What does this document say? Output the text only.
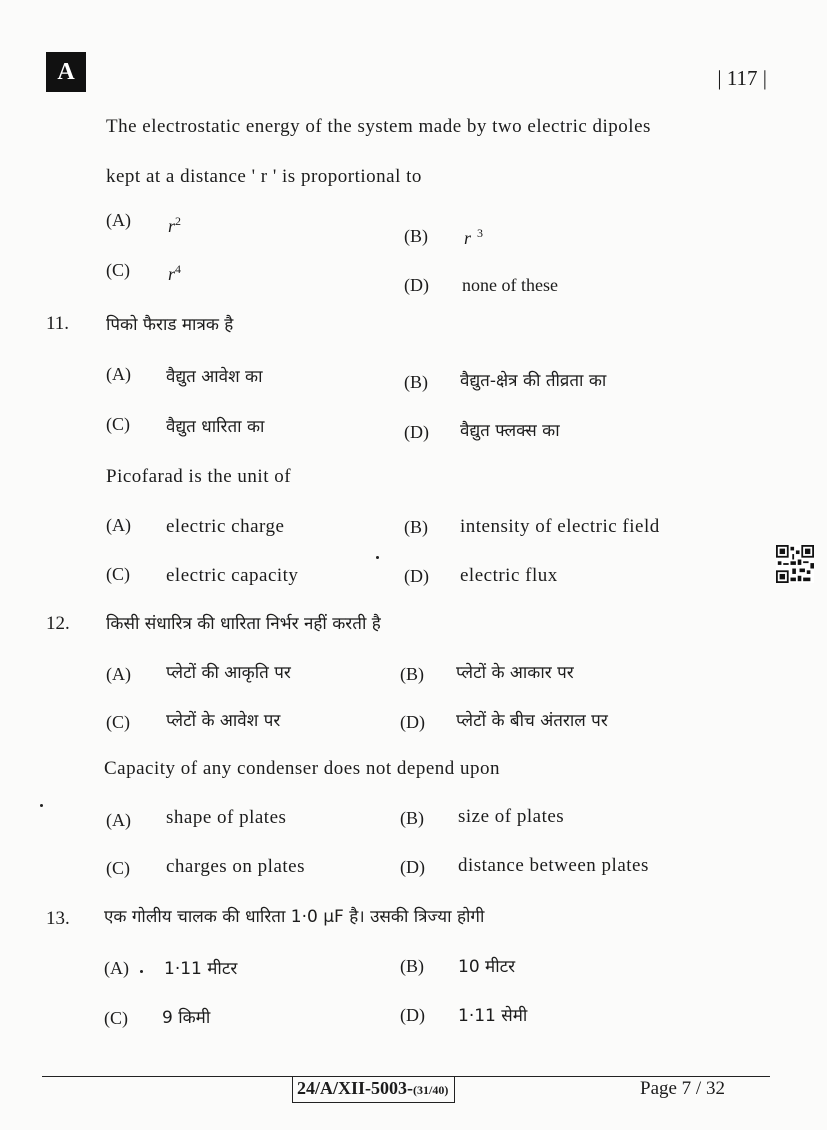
A	| 117 |
The electrostatic energy of the system made by two electric dipoles
kept at a distance ' r ' is proportional to
(A) $r^2$
(B) r $^3$
(C) $r^4$
(D) none of these
11. पिको फैराड मात्रक है
(A) वैद्युत आवेश का	(B) वैद्युत-क्षेत्र की तीव्रता का
(C) वैद्युत धारिता का	(D) वैद्युत फ्लक्स का
Picofarad is the unit of
(A) electric charge	(B) intensity of electric field
(C) electric capacity	(D) electric flux
12. किसी संधारित्र की धारिता निर्भर नहीं करती है
(A) प्लेटों की आकृति पर	(B) प्लेटों के आकार पर
(C) प्लेटों के आवेश पर	(D) प्लेटों के बीच अंतराल पर
Capacity of any condenser does not depend upon
(A) shape of plates	(B) size of plates
(C) charges on plates	(D) distance between plates
13. एक गोलीय चालक की धारिता 1·0 μF है। उसकी त्रिज्या होगी
(A) 1·11 मीटर	(B) 10 मीटर
(C) 9 किमी	(D) 1·11 सेमी
24/A/XII-5003-(31/40)	Page 7 / 32
